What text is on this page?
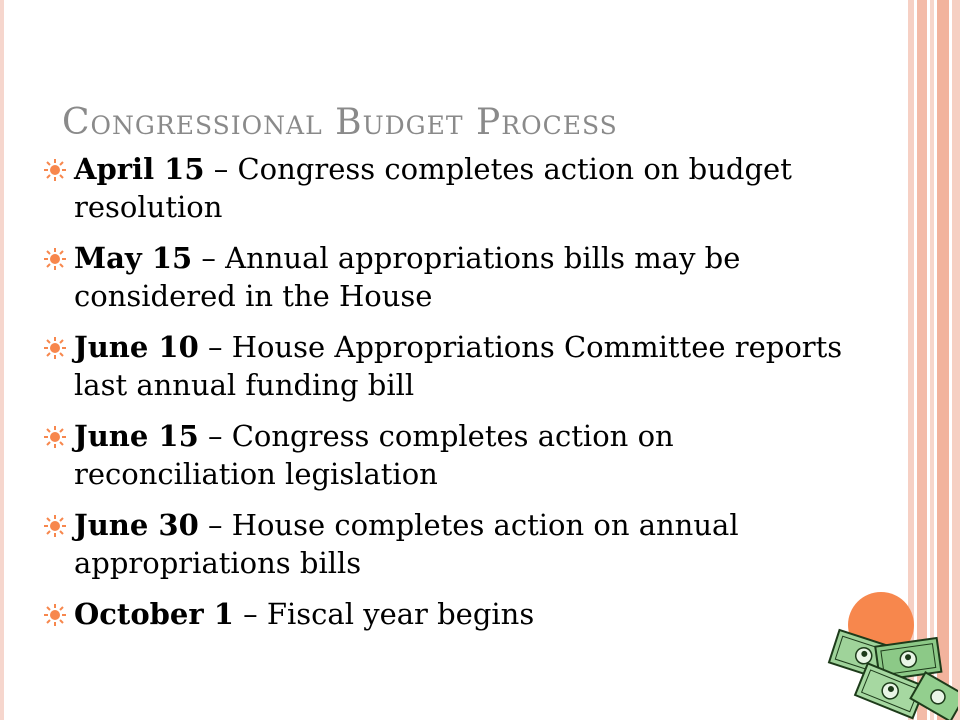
Congressional Budget Process
April 15 – Congress completes action on budget resolution
May 15 – Annual appropriations bills may be considered in the House
June 10 – House Appropriations Committee reports last annual funding bill
June 15 – Congress completes action on reconciliation legislation
June 30 – House completes action on annual appropriations bills
October 1 – Fiscal year begins
